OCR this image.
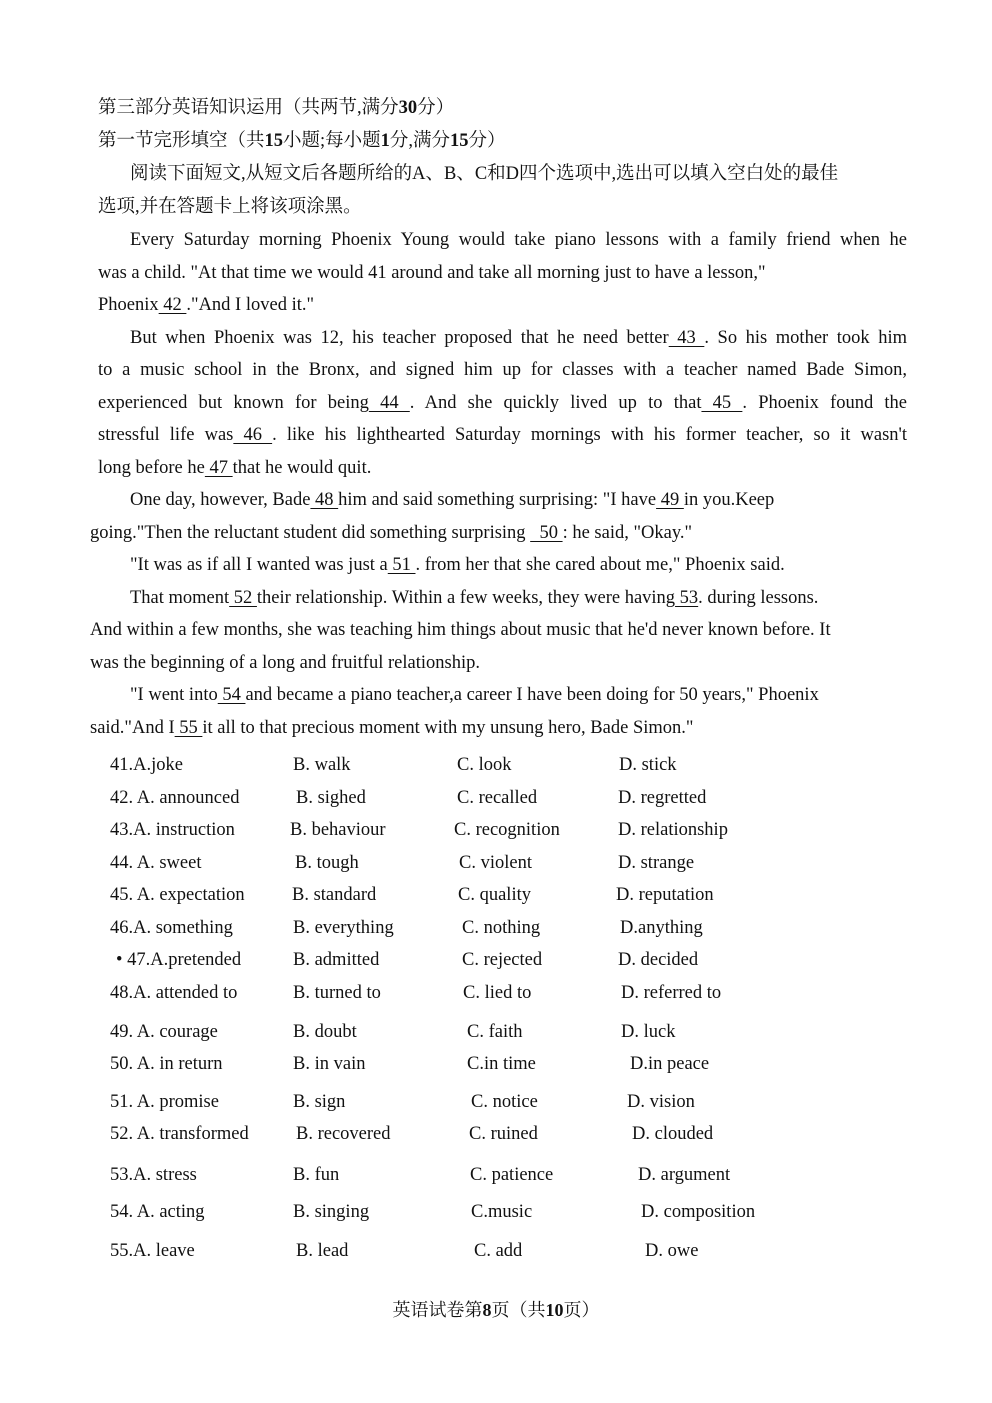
第三部分英语知识运用（共两节,满分30分）
第一节完形填空（共15小题;每小题1分,满分15分）
阅读下面短文,从短文后各题所给的A、B、C和D四个选项中,选出可以填入空白处的最佳
选项,并在答题卡上将该项涂黑。
Every Saturday morning Phoenix Young would take piano lessons with a family friend when he
was a child. "At that time we would 41 around and take all morning just to have a lesson,"
Phoenix 42 ."And I loved it."
But when Phoenix was 12, his teacher proposed that he need better 43 . So his mother took him
to a music school in the Bronx, and signed him up for classes with a teacher named Bade Simon,
experienced but known for being 44 . And she quickly lived up to that 45 . Phoenix found the
stressful life was 46 . like his lighthearted Saturday mornings with his former teacher, so it wasn't
long before he 47 that he would quit.
One day, however, Bade 48 him and said something surprising: "I have 49 in you.Keep
going."Then the reluctant student did something surprising   50 : he said, "Okay."
"It was as if all I wanted was just a 51 . from her that she cared about me," Phoenix said.
That moment 52 their relationship. Within a few weeks, they were having 53. during lessons.
And within a few months, she was teaching him things about music that he'd never known before. It
was the beginning of a long and fruitful relationship.
"I went into 54 and became a piano teacher,a career I have been doing for 50 years," Phoenix
said."And I 55 it all to that precious moment with my unsung hero, Bade Simon."
41.A.joke	B. walk	C. look	D. stick
42. A. announced	B. sighed	C. recalled	D. regretted
43.A. instruction	B. behaviour	C. recognition	D. relationship
44. A. sweet	B. tough	C. violent	D. strange
45. A. expectation	B. standard	C. quality	D. reputation
46.A. something	B. everything	C. nothing	D.anything
• 47.A.pretended	B. admitted	C. rejected	D. decided
48.A. attended to	B. turned to	C. lied to	D. referred to
49. A. courage	B. doubt	C. faith	D. luck
50. A. in return	B. in vain	C.in time	D.in peace
51. A. promise	B. sign	C. notice	D. vision
52. A. transformed	B. recovered	C. ruined	D. clouded
53.A. stress	B. fun	C. patience	D. argument
54. A. acting	B. singing	C.music	D. composition
55.A. leave	B. lead	C. add	D. owe
英语试卷第8页（共10页）
